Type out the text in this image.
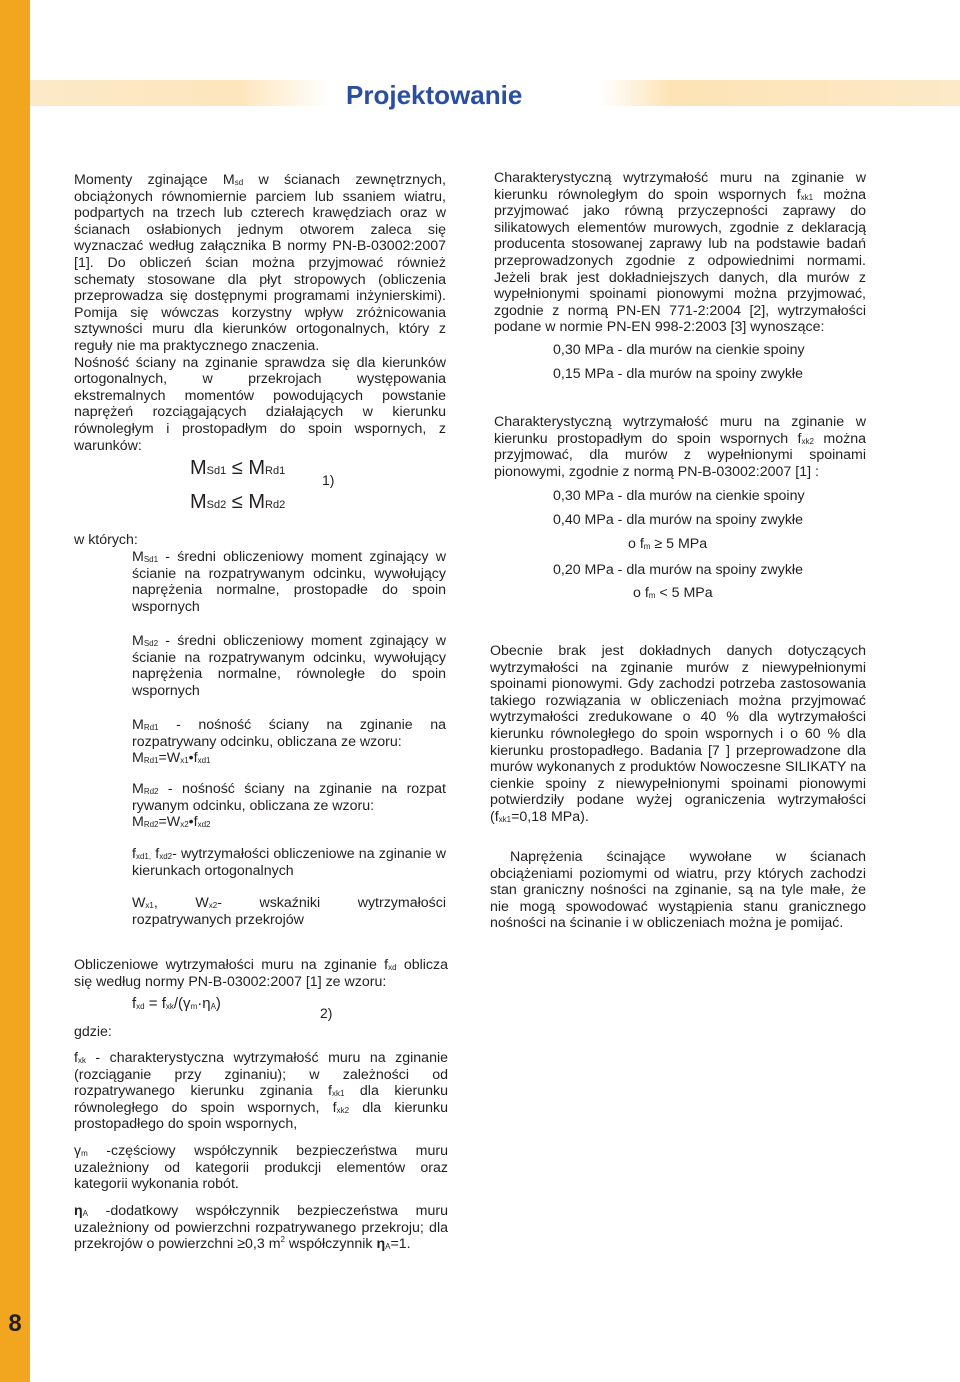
8
Projektowanie

Momenty zginające $M_{sd}$ w ścianach zewnętrznych, obciążonych równomiernie parciem lub ssaniem wiatru, podpartych na trzech lub czterech krawędziach oraz w ścianach osłabionych jednym otworem zaleca się wyznaczać według załącznika B normy PN-B-03002:2007 [1]. Do obliczeń ścian można przyjmować również schematy stosowane dla płyt stropowych (obliczenia przeprowadza się dostępnymi programami inżynierskimi). Pomija się wówczas korzystny wpływ zróżnicowania sztywności muru dla kierunków ortogonalnych, który z reguły nie ma praktycznego znaczenia.

Nośność ściany na zginanie sprawdza się dla kierunków ortogonalnych, w przekrojach występowania ekstremalnych momentów powodujących powstanie naprężeń rozciągających działających w kierunku równoległym i prostopadłym do spoin wspornych, z warunków:

MSd1 ≤ MRd1
MSd2 ≤ MRd2
1)
w których:

$M_{Sd1}$ - średni obliczeniowy moment zginający w ścianie na rozpatrywanym odcinku, wywołujący naprężenia normalne, prostopadłe do spoin wspornych

$M_{Sd2}$ - średni obliczeniowy moment zginający w ścianie na rozpatrywanym odcinku, wywołujący naprężenia normalne, równoległe do spoin wspornych

$M_{Rd1}$ - nośność ściany na zginanie na rozpatrywany odcinku, obliczana ze wzoru:

$M_{Rd1}=W_{x1}•f_{xd1}$

$M_{Rd2}$ - nośność ściany na zginanie na rozpat rywanym odcinku, obliczana ze wzoru:

$M_{Rd2}=W_{x2}•f_{xd2}$

$f_{xd1,}$ $f_{xd2}-$ wytrzymałości obliczeniowe na zginanie w kierunkach ortogonalnych

$W_{x1}$, $W_{x2}-$ wskaźniki wytrzymałości rozpatrywanych przekrojów

Charakterystyczną wytrzymałość muru na zginanie w kierunku równoległym do spoin wspornych $f_{xk1}$ można przyjmować jako równą przyczepności zaprawy do silikatowych elementów murowych, zgodnie z deklaracją producenta stosowanej zaprawy lub na podstawie badań przeprowadzonych zgodnie z odpowiednimi normami. Jeżeli brak jest dokładniejszych danych, dla murów z wypełnionymi spoinami pionowymi można przyjmować, zgodnie z normą PN-EN 771-2:2004 [2], wytrzymałości podane w normie PN-EN 998-2:2003 [3] wynoszące:

0,30 MPa - dla murów na cienkie spoiny
0,15 MPa - dla murów na spoiny zwykłe

Charakterystyczną wytrzymałość muru na zginanie w kierunku prostopadłym do spoin wspornych $f_{xk2}$ można przyjmować, dla murów z wypełnionymi spoinami pionowymi, zgodnie z normą PN-B-03002:2007 [1] :

0,30 MPa - dla murów na cienkie spoiny
0,40 MPa - dla murów na spoiny zwykłe
o $f_m \ge 5$ MPa
0,20 MPa - dla murów na spoiny zwykłe
o $f_m < 5$ MPa

Obecnie brak jest dokładnych danych dotyczących wytrzymałości na zginanie murów z niewypełnionymi spoinami pionowymi. Gdy zachodzi potrzeba zastosowania takiego rozwiązania w obliczeniach można przyjmować wytrzymałości zredukowane o 40 % dla wytrzymałości kierunku równoległego do spoin wspornych i o 60 % dla kierunku prostopadłego. Badania [7 ] przeprowadzone dla murów wykonanych z produktów Nowoczesne SILIKATY na cienkie spoiny z niewypełnionymi spoinami pionowymi potwierdziły podane wyżej ograniczenia wytrzymałości ($f_{xk1}=0,18$ MPa).

Naprężenia ścinające wywołane w ścianach obciążeniami poziomymi od wiatru, przy których zachodzi stan graniczny nośności na zginanie, są na tyle małe, że nie mogą spowodować wystąpienia stanu granicznego nośności na ścinanie i w obliczeniach można je pomijać.

Obliczeniowe wytrzymałości muru na zginanie $f_{xd}$ oblicza się według normy PN-B-03002:2007 [1] ze wzoru:

$f_{xd} = f_{xk}/(\gamma_m\cdot\eta_A)$
2)
gdzie:

$f_{xk}$ - charakterystyczna wytrzymałość muru na zginanie (rozciąganie przy zginaniu); w zależności od rozpatrywanego kierunku zginania $f_{xk1}$ dla kierunku równoległego do spoin wspornych, $f_{xk2}$ dla kierunku prostopadłego do spoin wspornych,

$\gamma_m$ -częściowy współczynnik bezpieczeństwa muru uzależniony od kategorii produkcji elementów oraz kategorii wykonania robót.

$\eta_A$ -dodatkowy współczynnik bezpieczeństwa muru uzależniony od powierzchni rozpatrywanego przekroju; dla przekrojów o powierzchni ≥0,3 $m^2$ współczynnik $\eta_A=1$.
